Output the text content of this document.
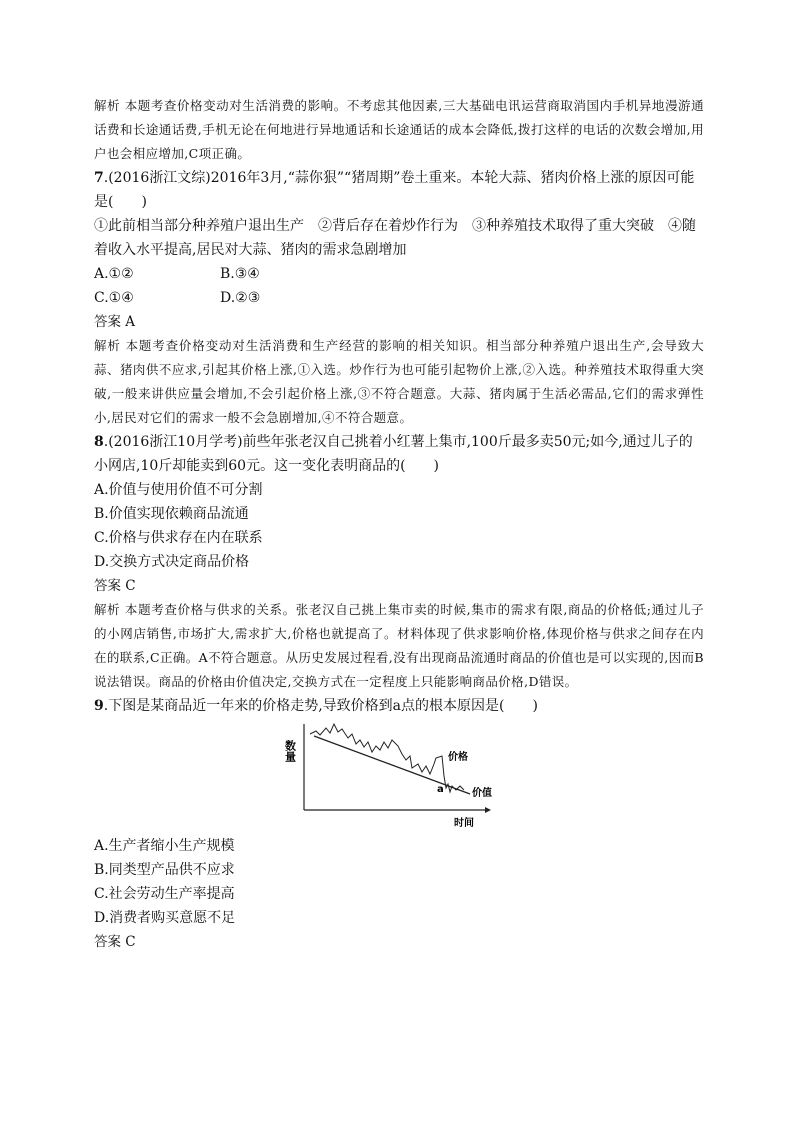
解析 本题考查价格变动对生活消费的影响。不考虑其他因素,三大基础电讯运营商取消国内手机异地漫游通话费和长途通话费,手机无论在何地进行异地通话和长途通话的成本会降低,拨打这样的电话的次数会增加,用户也会相应增加,C项正确。

7.(2016浙江文综)2016年3月,“蒜你狠”“猪周期”卷土重来。本轮大蒜、猪肉价格上涨的原因可能是(　　)

①此前相当部分种养殖户退出生产　②背后存在着炒作行为　③种养殖技术取得了重大突破　④随着收入水平提高,居民对大蒜、猪肉的需求急剧增加

A.①②	B.③④
C.①④	D.②③

答案 A

解析 本题考查价格变动对生活消费和生产经营的影响的相关知识。相当部分种养殖户退出生产,会导致大蒜、猪肉供不应求,引起其价格上涨,①入选。炒作行为也可能引起物价上涨,②入选。种养殖技术取得重大突破,一般来讲供应量会增加,不会引起价格上涨,③不符合题意。大蒜、猪肉属于生活必需品,它们的需求弹性小,居民对它们的需求一般不会急剧增加,④不符合题意。

8.(2016浙江10月学考)前些年张老汉自己挑着小红薯上集市,100斤最多卖50元;如今,通过儿子的小网店,10斤却能卖到60元。这一变化表明商品的(　　)

A.价值与使用价值不可分割

B.价值实现依赖商品流通

C.价格与供求存在内在联系

D.交换方式决定商品价格

答案 C

解析 本题考查价格与供求的关系。张老汉自己挑上集市卖的时候,集市的需求有限,商品的价格低;通过儿子的小网店销售,市场扩大,需求扩大,价格也就提高了。材料体现了供求影响价格,体现价格与供求之间存在内在的联系,C正确。A不符合题意。从历史发展过程看,没有出现商品流通时商品的价值也是可以实现的,因而B说法错误。商品的价格由价值决定,交换方式在一定程度上只能影响商品价格,D错误。

9.下图是某商品近一年来的价格走势,导致价格到a点的根本原因是(　　)

数量	价格
价值
a
时间

A.生产者缩小生产规模

B.同类型产品供不应求

C.社会劳动生产率提高

D.消费者购买意愿不足

答案 C
